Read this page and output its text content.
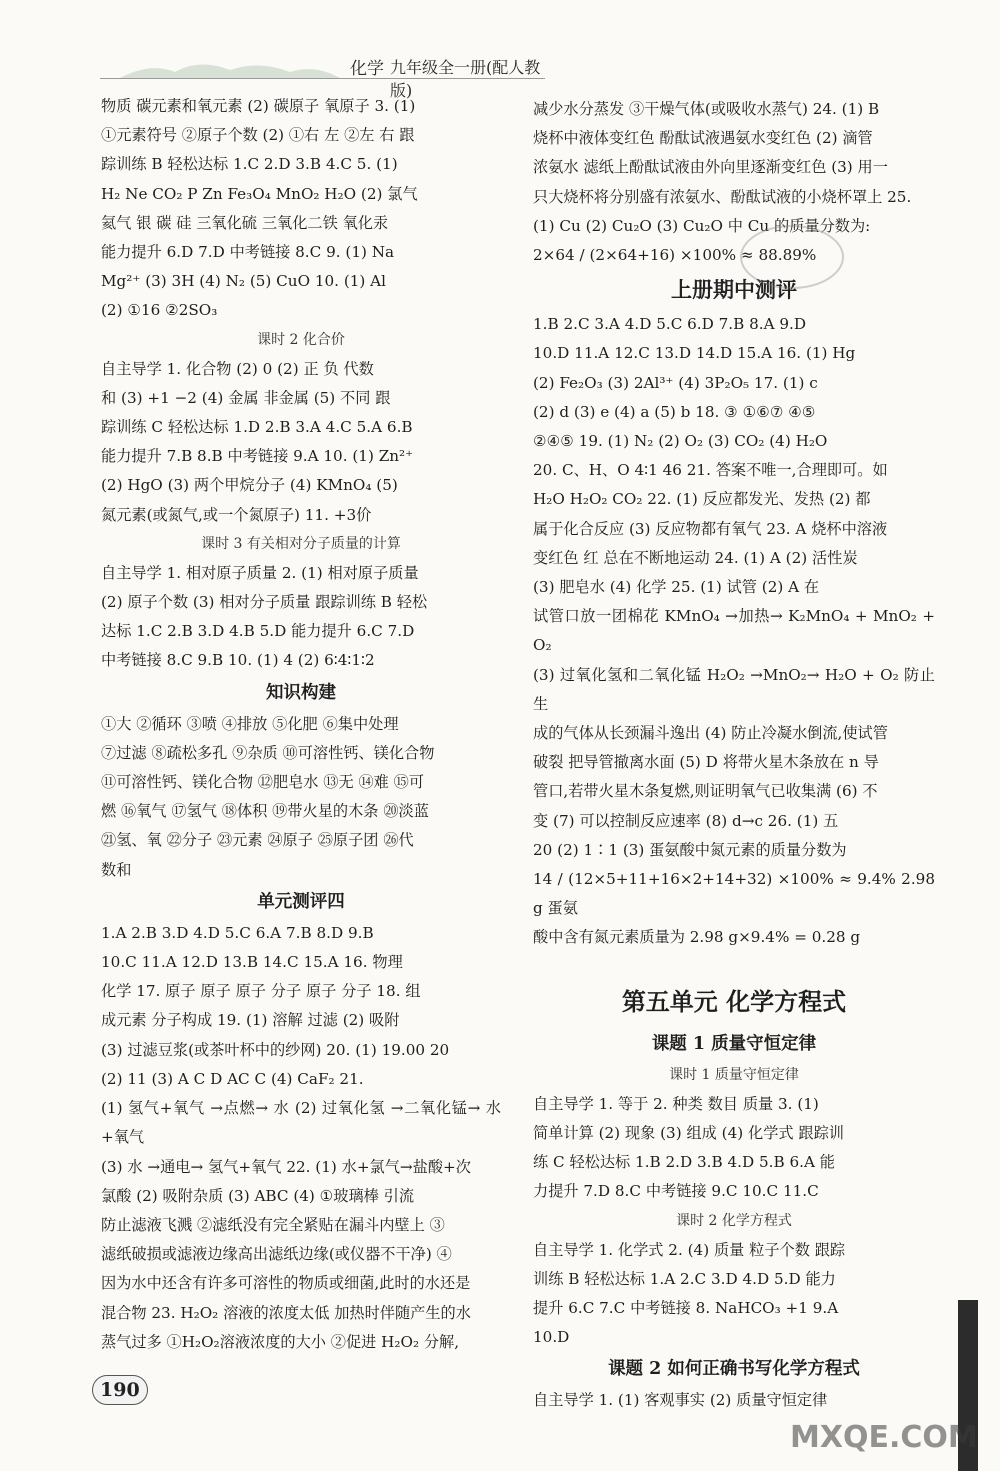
化学 九年级全一册(配人教版)

物质 碳元素和氧元素 (2) 碳原子 氧原子 3. (1)

①元素符号 ②原子个数 (2) ①右 左 ②左 右 跟

踪训练 B 轻松达标 1.C 2.D 3.B 4.C 5. (1)

H₂ Ne CO₂ P Zn Fe₃O₄ MnO₂ H₂O (2) 氯气

氦气 银 碳 硅 三氧化硫 三氧化二铁 氧化汞

能力提升 6.D 7.D 中考链接 8.C 9. (1) Na

Mg²⁺ (3) 3H (4) N₂ (5) CuO 10. (1) Al

(2) ①16 ②2SO₃

课时 2 化合价

自主导学 1. 化合物 (2) 0 (2) 正 负 代数

和 (3) +1 −2 (4) 金属 非金属 (5) 不同 跟

踪训练 C 轻松达标 1.D 2.B 3.A 4.C 5.A 6.B

能力提升 7.B 8.B 中考链接 9.A 10. (1) Zn²⁺

(2) HgO (3) 两个甲烷分子 (4) KMnO₄ (5)

氮元素(或氮气,或一个氮原子) 11. +3价

课时 3 有关相对分子质量的计算

自主导学 1. 相对原子质量 2. (1) 相对原子质量

(2) 原子个数 (3) 相对分子质量 跟踪训练 B 轻松

达标 1.C 2.B 3.D 4.B 5.D 能力提升 6.C 7.D

中考链接 8.C 9.B 10. (1) 4 (2) 6∶4∶1∶2

知识构建

①大 ②循环 ③喷 ④排放 ⑤化肥 ⑥集中处理

⑦过滤 ⑧疏松多孔 ⑨杂质 ⑩可溶性钙、镁化合物

⑪可溶性钙、镁化合物 ⑫肥皂水 ⑬无 ⑭难 ⑮可

燃 ⑯氧气 ⑰氢气 ⑱体积 ⑲带火星的木条 ⑳淡蓝

㉑氢、氧 ㉒分子 ㉓元素 ㉔原子 ㉕原子团 ㉖代

数和

单元测评四

1.A 2.B 3.D 4.D 5.C 6.A 7.B 8.D 9.B

10.C 11.A 12.D 13.B 14.C 15.A 16. 物理

化学 17. 原子 原子 原子 分子 原子 分子 18. 组

成元素 分子构成 19. (1) 溶解 过滤 (2) 吸附

(3) 过滤豆浆(或茶叶杯中的纱网) 20. (1) 19.00 20

(2) 11 (3) A C D AC C (4) CaF₂ 21.

(1) 氢气+氧气 →点燃→ 水 (2) 过氧化氢 →二氧化锰→ 水+氧气

(3) 水 →通电→ 氢气+氧气 22. (1) 水+氯气→盐酸+次

氯酸 (2) 吸附杂质 (3) ABC (4) ①玻璃棒 引流

防止滤液飞溅 ②滤纸没有完全紧贴在漏斗内壁上 ③

滤纸破损或滤液边缘高出滤纸边缘(或仪器不干净) ④

因为水中还含有许多可溶性的物质或细菌,此时的水还是

混合物 23. H₂O₂ 溶液的浓度太低 加热时伴随产生的水

蒸气过多 ①H₂O₂溶液浓度的大小 ②促进 H₂O₂ 分解,

减少水分蒸发 ③干燥气体(或吸收水蒸气) 24. (1) B

烧杯中液体变红色 酚酞试液遇氨水变红色 (2) 滴管

浓氨水 滤纸上酚酞试液由外向里逐渐变红色 (3) 用一

只大烧杯将分别盛有浓氨水、酚酞试液的小烧杯罩上 25.

(1) Cu (2) Cu₂O (3) Cu₂O 中 Cu 的质量分数为:

2×64 / (2×64+16) ×100% ≈ 88.89%

上册期中测评

1.B 2.C 3.A 4.D 5.C 6.D 7.B 8.A 9.D

10.D 11.A 12.C 13.D 14.D 15.A 16. (1) Hg

(2) Fe₂O₃ (3) 2Al³⁺ (4) 3P₂O₅ 17. (1) c

(2) d (3) e (4) a (5) b 18. ③ ①⑥⑦ ④⑤

②④⑤ 19. (1) N₂ (2) O₂ (3) CO₂ (4) H₂O

20. C、H、O 4∶1 46 21. 答案不唯一,合理即可。如

H₂O H₂O₂ CO₂ 22. (1) 反应都发光、发热 (2) 都

属于化合反应 (3) 反应物都有氧气 23. A 烧杯中溶液

变红色 红 总在不断地运动 24. (1) A (2) 活性炭

(3) 肥皂水 (4) 化学 25. (1) 试管 (2) A 在

试管口放一团棉花 KMnO₄ →加热→ K₂MnO₄ + MnO₂ + O₂

(3) 过氧化氢和二氧化锰 H₂O₂ →MnO₂→ H₂O + O₂ 防止生

成的气体从长颈漏斗逸出 (4) 防止冷凝水倒流,使试管

破裂 把导管撤离水面 (5) D 将带火星木条放在 n 导

管口,若带火星木条复燃,则证明氧气已收集满 (6) 不

变 (7) 可以控制反应速率 (8) d→c 26. (1) 五

20 (2) 1∶1 (3) 蛋氨酸中氮元素的质量分数为

14 / (12×5+11+16×2+14+32) ×100% ≈ 9.4% 2.98 g 蛋氨

酸中含有氮元素质量为 2.98 g×9.4% = 0.28 g

第五单元 化学方程式

课题 1 质量守恒定律

课时 1 质量守恒定律

自主导学 1. 等于 2. 种类 数目 质量 3. (1)

简单计算 (2) 现象 (3) 组成 (4) 化学式 跟踪训

练 C 轻松达标 1.B 2.D 3.B 4.D 5.B 6.A 能

力提升 7.D 8.C 中考链接 9.C 10.C 11.C

课时 2 化学方程式

自主导学 1. 化学式 2. (4) 质量 粒子个数 跟踪

训练 B 轻松达标 1.A 2.C 3.D 4.D 5.D 能力

提升 6.C 7.C 中考链接 8. NaHCO₃ +1 9.A

10.D

课题 2 如何正确书写化学方程式

自主导学 1. (1) 客观事实 (2) 质量守恒定律

190
MXQE.COM
